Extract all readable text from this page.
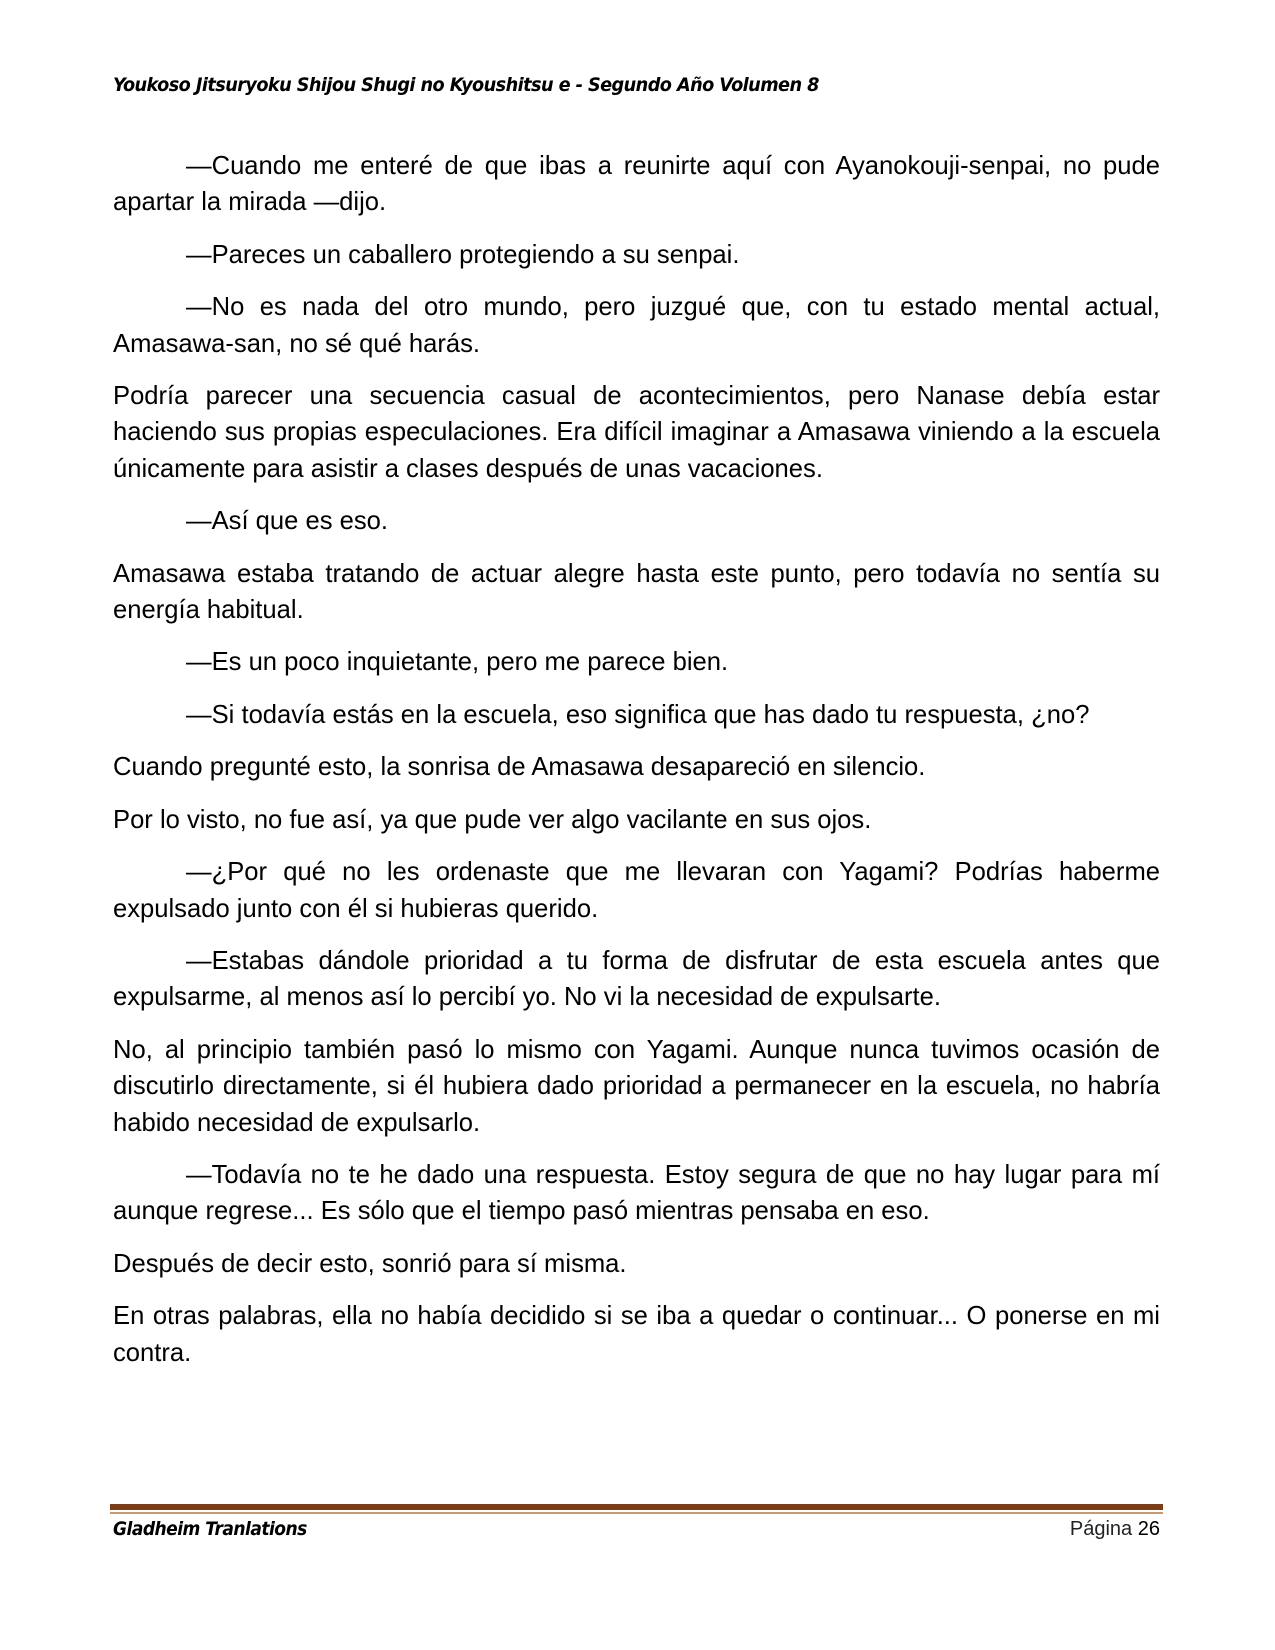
Youkoso Jitsuryoku Shijou Shugi no Kyoushitsu e - Segundo Año Volumen 8

—Cuando me enteré de que ibas a reunirte aquí con Ayanokouji-senpai, no pude apartar la mirada —dijo.

—Pareces un caballero protegiendo a su senpai.

—No es nada del otro mundo, pero juzgué que, con tu estado mental actual, Amasawa-san, no sé qué harás.

Podría parecer una secuencia casual de acontecimientos, pero Nanase debía estar haciendo sus propias especulaciones. Era difícil imaginar a Amasawa viniendo a la escuela únicamente para asistir a clases después de unas vacaciones.

—Así que es eso.

Amasawa estaba tratando de actuar alegre hasta este punto, pero todavía no sentía su energía habitual.

—Es un poco inquietante, pero me parece bien.

—Si todavía estás en la escuela, eso significa que has dado tu respuesta, ¿no?

Cuando pregunté esto, la sonrisa de Amasawa desapareció en silencio.

Por lo visto, no fue así, ya que pude ver algo vacilante en sus ojos.

—¿Por qué no les ordenaste que me llevaran con Yagami? Podrías haberme expulsado junto con él si hubieras querido.

—Estabas dándole prioridad a tu forma de disfrutar de esta escuela antes que expulsarme, al menos así lo percibí yo. No vi la necesidad de expulsarte.

No, al principio también pasó lo mismo con Yagami. Aunque nunca tuvimos ocasión de discutirlo directamente, si él hubiera dado prioridad a permanecer en la escuela, no habría habido necesidad de expulsarlo.

—Todavía no te he dado una respuesta. Estoy segura de que no hay lugar para mí aunque regrese... Es sólo que el tiempo pasó mientras pensaba en eso.

Después de decir esto, sonrió para sí misma.

En otras palabras, ella no había decidido si se iba a quedar o continuar... O ponerse en mi contra.

Gladheim Tranlations	Página 26
